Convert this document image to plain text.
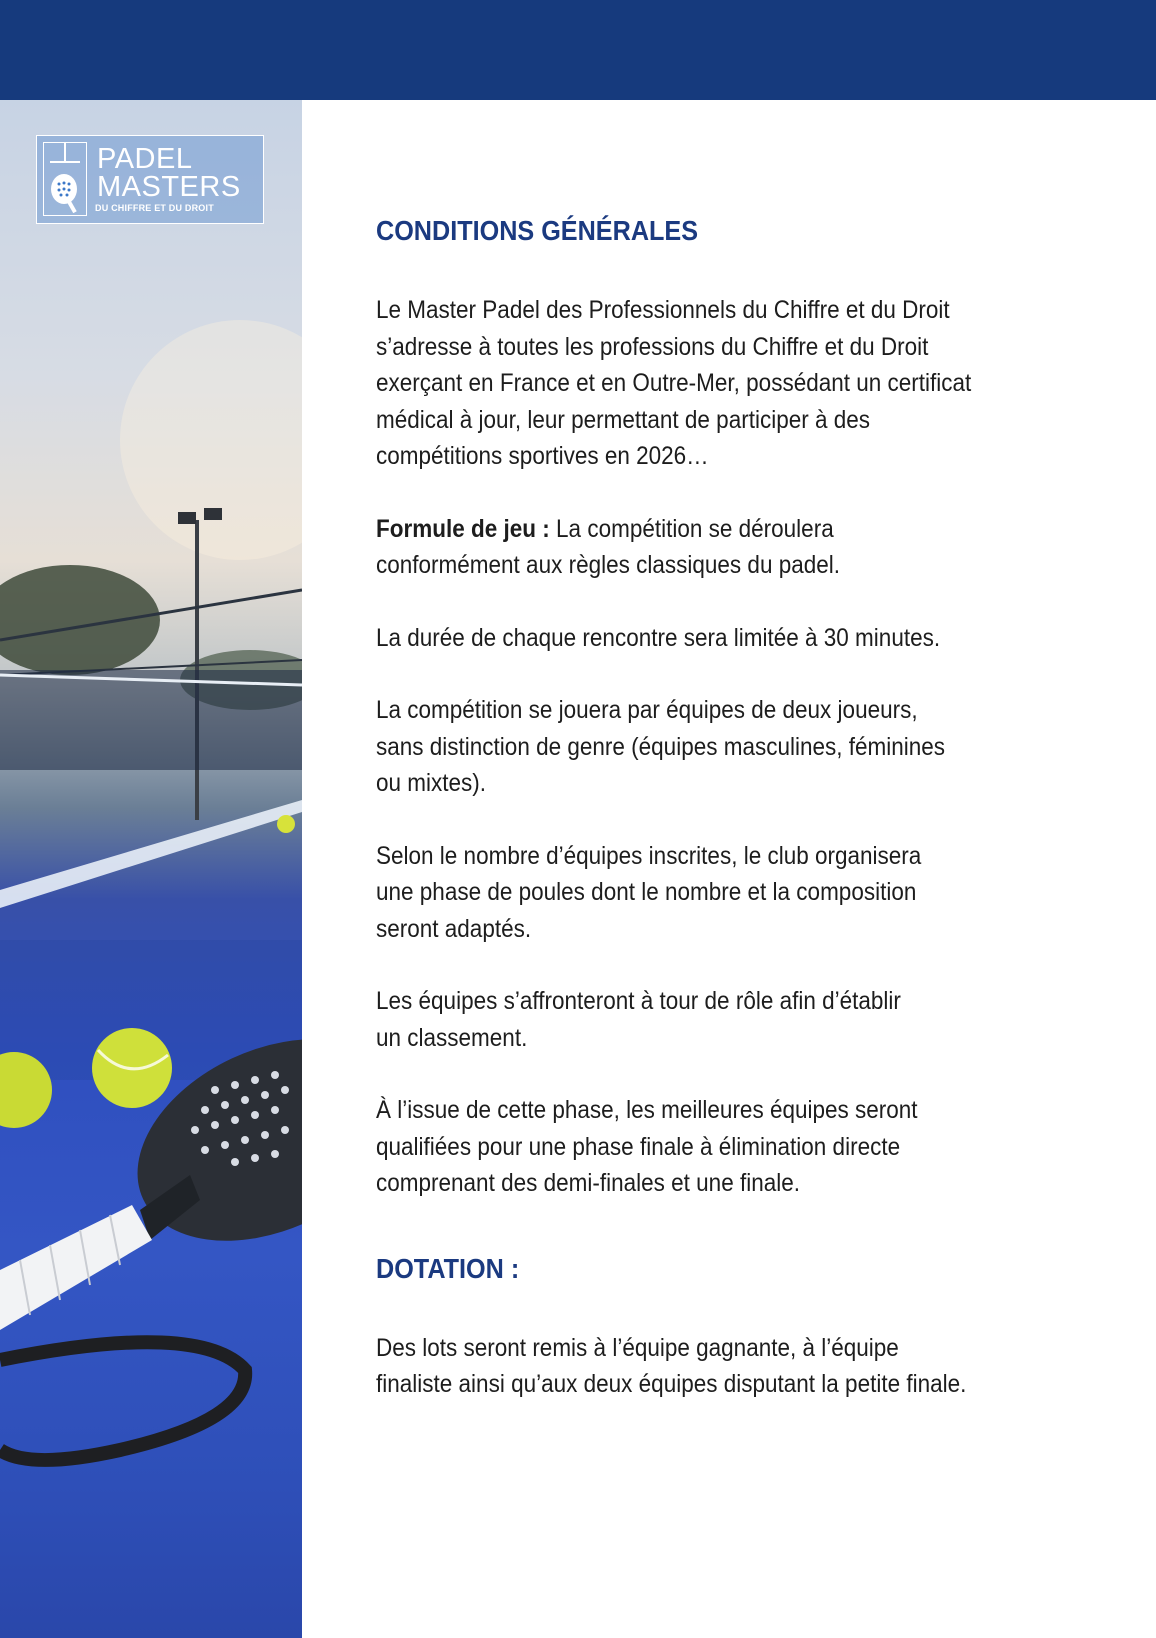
PADEL
MASTERS
DU CHIFFRE ET DU DROIT
CONDITIONS GÉNÉRALES

Le Master Padel des Professionnels du Chiffre et du Droit
s’adresse à toutes les professions du Chiffre et du Droit
exerçant en France et en Outre-Mer, possédant un certificat
médical à jour, leur permettant de participer à des
compétitions sportives en 2026…

Formule de jeu : La compétition se déroulera
conformément aux règles classiques du padel.

La durée de chaque rencontre sera limitée à 30 minutes.

La compétition se jouera par équipes de deux joueurs,
sans distinction de genre (équipes masculines, féminines
ou mixtes).

Selon le nombre d’équipes inscrites, le club organisera
une phase de poules dont le nombre et la composition
seront adaptés.

Les équipes s’affronteront à tour de rôle afin d’établir
un classement.

À l’issue de cette phase, les meilleures équipes seront
qualifiées pour une phase finale à élimination directe
comprenant des demi-finales et une finale.

DOTATION :

Des lots seront remis à l’équipe gagnante, à l’équipe
finaliste ainsi qu’aux deux équipes disputant la petite finale.
